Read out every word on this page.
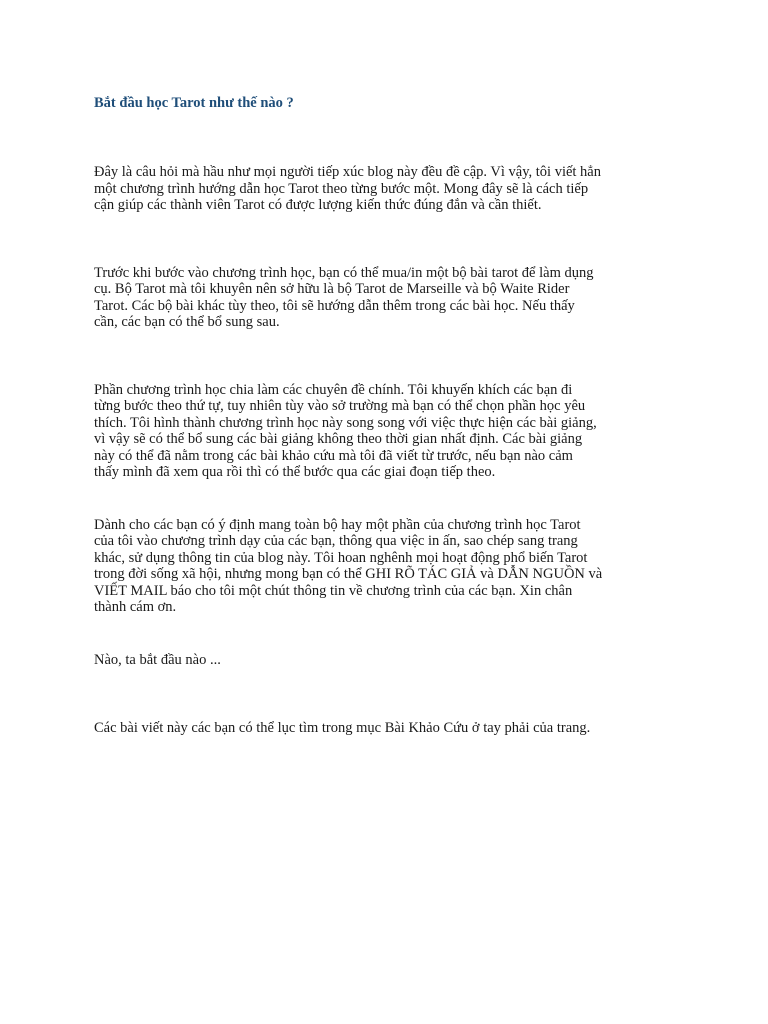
Bắt đầu học Tarot như thế nào ?

Đây là câu hỏi mà hầu như mọi người tiếp xúc blog này đều đề cập. Vì vậy, tôi viết hẳn
một chương trình hướng dẫn học Tarot theo từng bước một. Mong đây sẽ là cách tiếp
cận giúp các thành viên Tarot có được lượng kiến thức đúng đắn và cần thiết.

Trước khi bước vào chương trình học, bạn có thể mua/in một bộ bài tarot để làm dụng
cụ. Bộ Tarot mà tôi khuyên nên sở hữu là bộ Tarot de Marseille và bộ Waite Rider
Tarot. Các bộ bài khác tùy theo, tôi sẽ hướng dẫn thêm trong các bài học. Nếu thấy
cần, các bạn có thể bổ sung sau.

Phần chương trình học chia làm các chuyên đề chính. Tôi khuyến khích các bạn đi
từng bước theo thứ tự, tuy nhiên tùy vào sở trường mà bạn có thể chọn phần học yêu
thích. Tôi hình thành chương trình học này song song với việc thực hiện các bài giảng,
vì vậy sẽ có thể bổ sung các bài giảng không theo thời gian nhất định. Các bài giảng
này có thể đã nằm trong các bài khảo cứu mà tôi đã viết từ trước, nếu bạn nào cảm
thấy mình đã xem qua rồi thì có thể bước qua các giai đoạn tiếp theo.

Dành cho các bạn có ý định mang toàn bộ hay một phần của chương trình học Tarot
của tôi vào chương trình dạy của các bạn, thông qua việc in ấn, sao chép sang trang
khác, sử dụng thông tin của blog này. Tôi hoan nghênh mọi hoạt động phổ biến Tarot
trong đời sống xã hội, nhưng mong bạn có thể GHI RÕ TÁC GIẢ và DẪN NGUỒN và
VIẾT MAIL báo cho tôi một chút thông tin về chương trình của các bạn. Xin chân
thành cám ơn.

Nào, ta bắt đầu nào ...

Các bài viết này các bạn có thể lục tìm trong mục Bài Khảo Cứu ở tay phải của trang.
